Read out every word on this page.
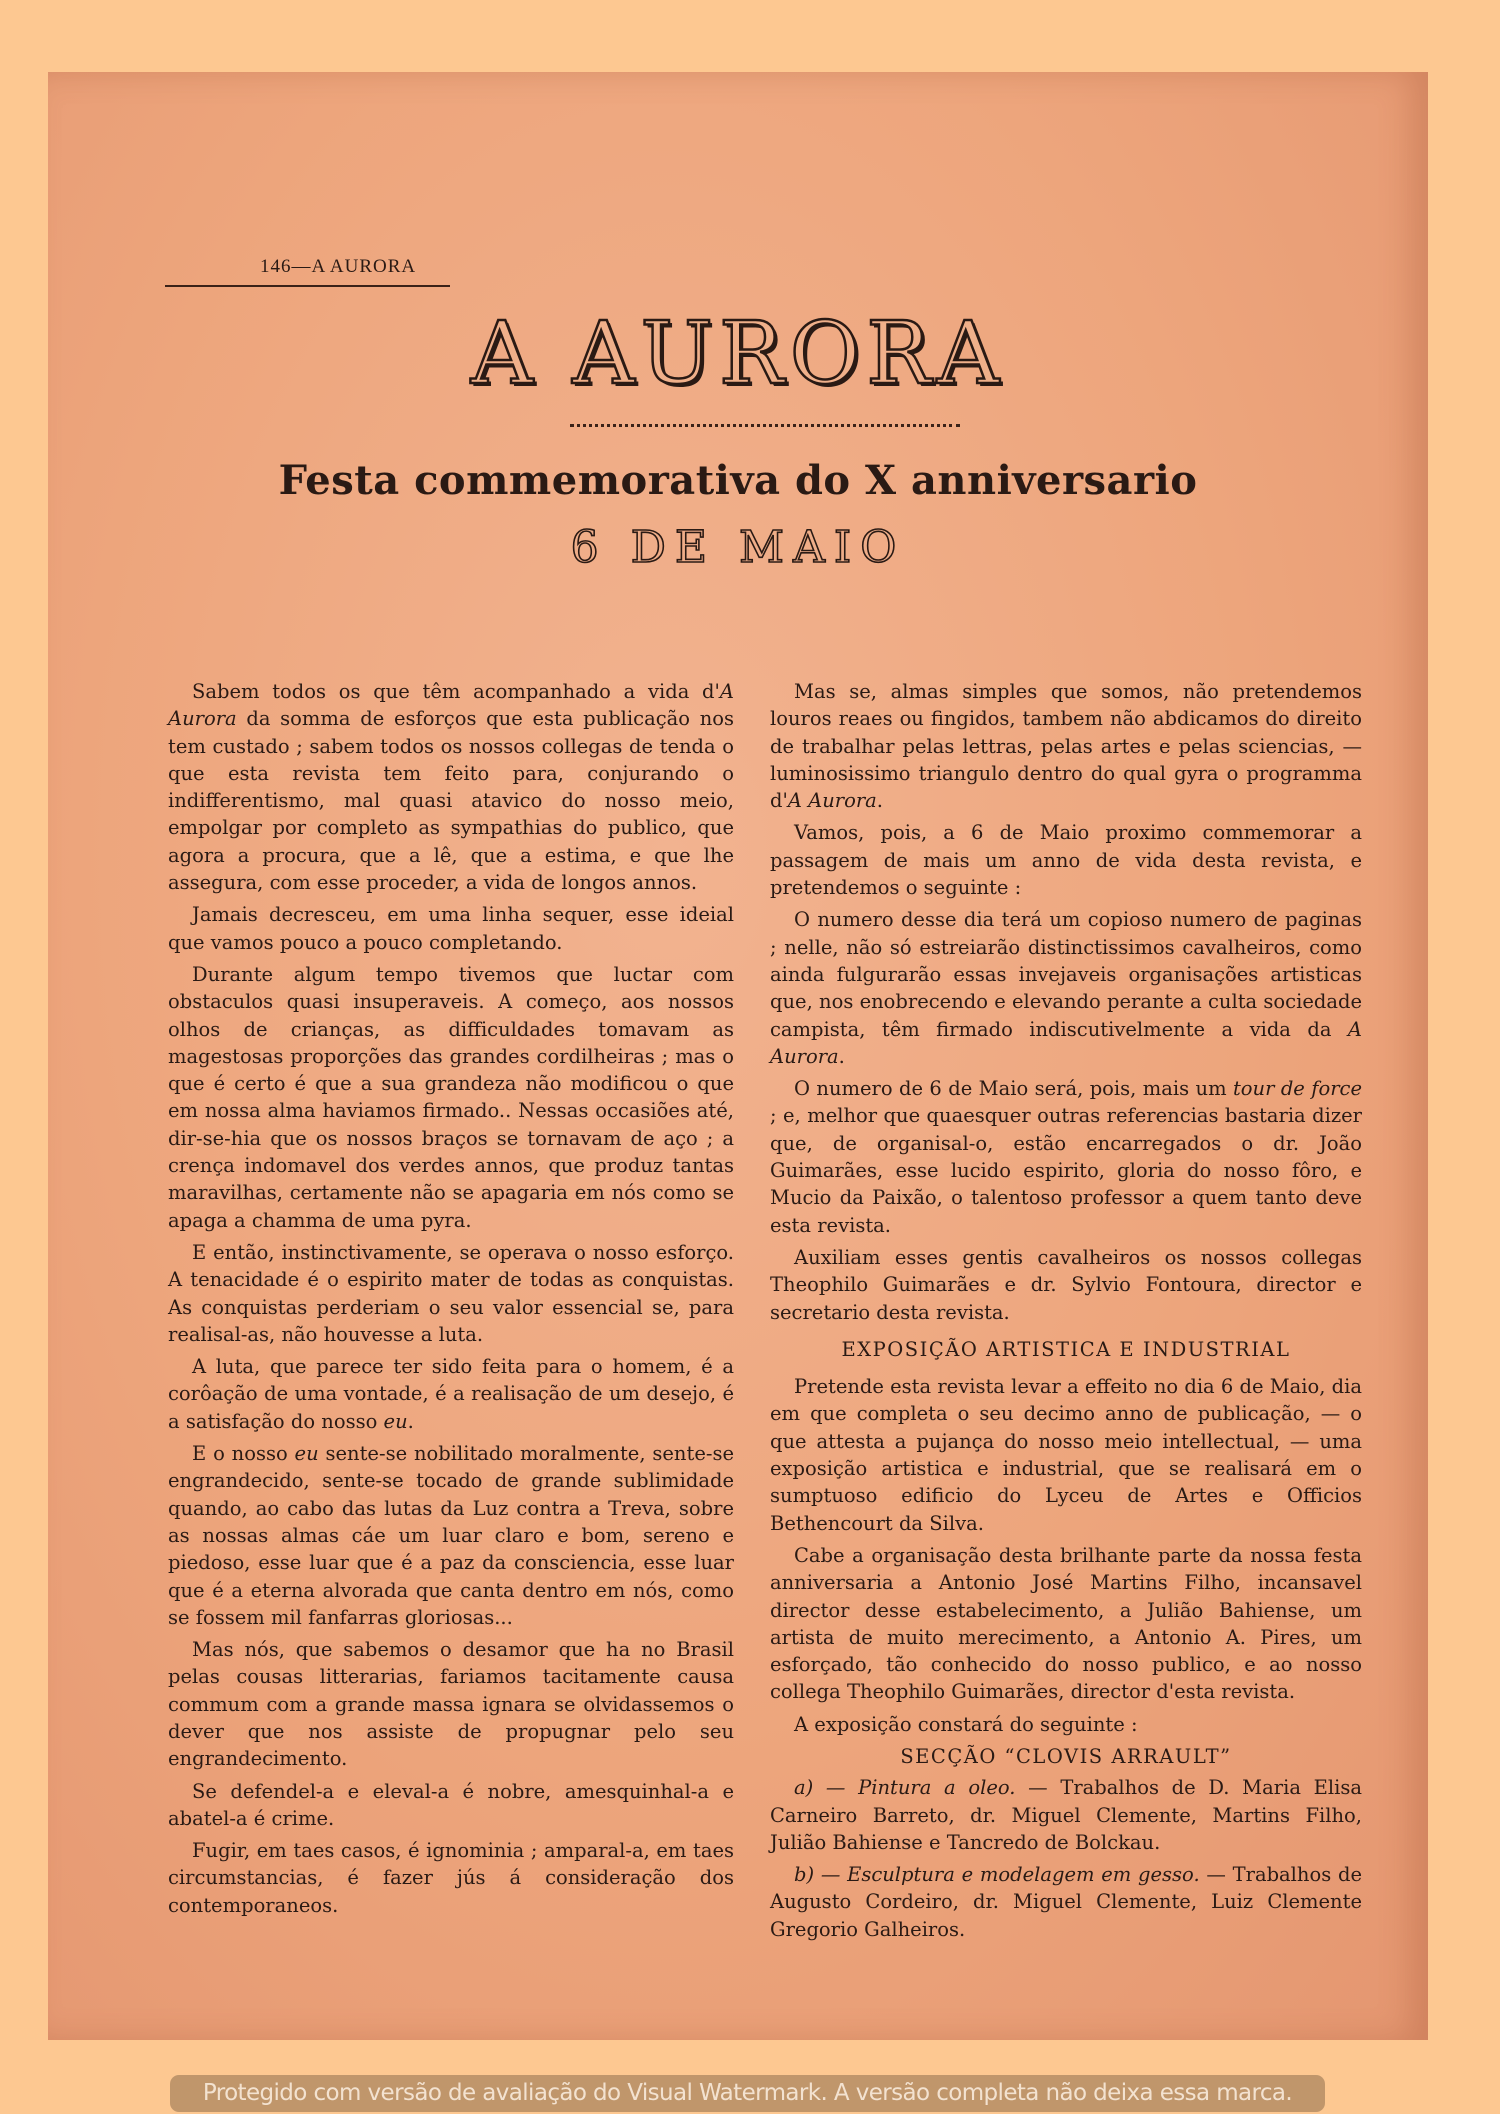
146—A AURORA
A AURORA
Festa commemorativa do X anniversario
6 DE MAIO

Sabem todos os que têm acompanhado a vida d'A Aurora da somma de esforços que esta publicação nos tem custado ; sabem todos os nossos collegas de tenda o que esta revista tem feito para, conjurando o indifferentismo, mal quasi atavico do nosso meio, empolgar por completo as sympathias do publico, que agora a procura, que a lê, que a estima, e que lhe assegura, com esse proceder, a vida de longos annos.

Jamais decresceu, em uma linha sequer, esse ideial que vamos pouco a pouco completando.

Durante algum tempo tivemos que luctar com obstaculos quasi insuperaveis. A começo, aos nossos olhos de crianças, as difficuldades tomavam as magestosas proporções das grandes cordilheiras ; mas o que é certo é que a sua grandeza não modificou o que em nossa alma haviamos firmado.. Nessas occasiões até, dir-se-hia que os nossos braços se tornavam de aço ; a crença indomavel dos verdes annos, que produz tantas maravilhas, certamente não se apagaria em nós como se apaga a chamma de uma pyra.

E então, instinctivamente, se operava o nosso esforço. A tenacidade é o espirito mater de todas as conquistas. As conquistas perderiam o seu valor essencial se, para realisal-as, não houvesse a luta.

A luta, que parece ter sido feita para o homem, é a corôação de uma vontade, é a realisação de um desejo, é a satisfação do nosso eu.

E o nosso eu sente-se nobilitado moralmente, sente-se engrandecido, sente-se tocado de grande sublimidade quando, ao cabo das lutas da Luz contra a Treva, sobre as nossas almas cáe um luar claro e bom, sereno e piedoso, esse luar que é a paz da consciencia, esse luar que é a eterna alvorada que canta dentro em nós, como se fossem mil fanfarras gloriosas...

Mas nós, que sabemos o desamor que ha no Brasil pelas cousas litterarias, fariamos tacitamente causa commum com a grande massa ignara se olvidassemos o dever que nos assiste de propugnar pelo seu engrandecimento.

Se defendel-a e eleval-a é nobre, amesquinhal-a e abatel-a é crime.

Fugir, em taes casos, é ignominia ; amparal-a, em taes circumstancias, é fazer jús á consideração dos contemporaneos.

Mas se, almas simples que somos, não pretendemos louros reaes ou fingidos, tambem não abdicamos do direito de trabalhar pelas lettras, pelas artes e pelas sciencias, — luminosissimo triangulo dentro do qual gyra o programma d'A Aurora.

Vamos, pois, a 6 de Maio proximo commemorar a passagem de mais um anno de vida desta revista, e pretendemos o seguinte :

O numero desse dia terá um copioso numero de paginas ; nelle, não só estreiarão distinctissimos cavalheiros, como ainda fulgurarão essas invejaveis organisações artisticas que, nos enobrecendo e elevando perante a culta sociedade campista, têm firmado indiscutivelmente a vida da A Aurora.

O numero de 6 de Maio será, pois, mais um tour de force ; e, melhor que quaesquer outras referencias bastaria dizer que, de organisal-o, estão encarregados o dr. João Guimarães, esse lucido espirito, gloria do nosso fôro, e Mucio da Paixão, o talentoso professor a quem tanto deve esta revista.

Auxiliam esses gentis cavalheiros os nossos collegas Theophilo Guimarães e dr. Sylvio Fontoura, director e secretario desta revista.

EXPOSIÇÃO ARTISTICA E INDUSTRIAL

Pretende esta revista levar a effeito no dia 6 de Maio, dia em que completa o seu decimo anno de publicação, — o que attesta a pujança do nosso meio intellectual, — uma exposição artistica e industrial, que se realisará em o sumptuoso edificio do Lyceu de Artes e Officios Bethencourt da Silva.

Cabe a organisação desta brilhante parte da nossa festa anniversaria a Antonio José Martins Filho, incansavel director desse estabelecimento, a Julião Bahiense, um artista de muito merecimento, a Antonio A. Pires, um esforçado, tão conhecido do nosso publico, e ao nosso collega Theophilo Guimarães, director d'esta revista.

A exposição constará do seguinte :

SECÇÃO “CLOVIS ARRAULT”

a) — Pintura a oleo. — Trabalhos de D. Maria Elisa Carneiro Barreto, dr. Miguel Clemente, Martins Filho, Julião Bahiense e Tancredo de Bolckau.

b) — Esculptura e modelagem em gesso. — Trabalhos de Augusto Cordeiro, dr. Miguel Clemente, Luiz Clemente Gregorio Galheiros.

Protegido com versão de avaliação do Visual Watermark. A versão completa não deixa essa marca.
